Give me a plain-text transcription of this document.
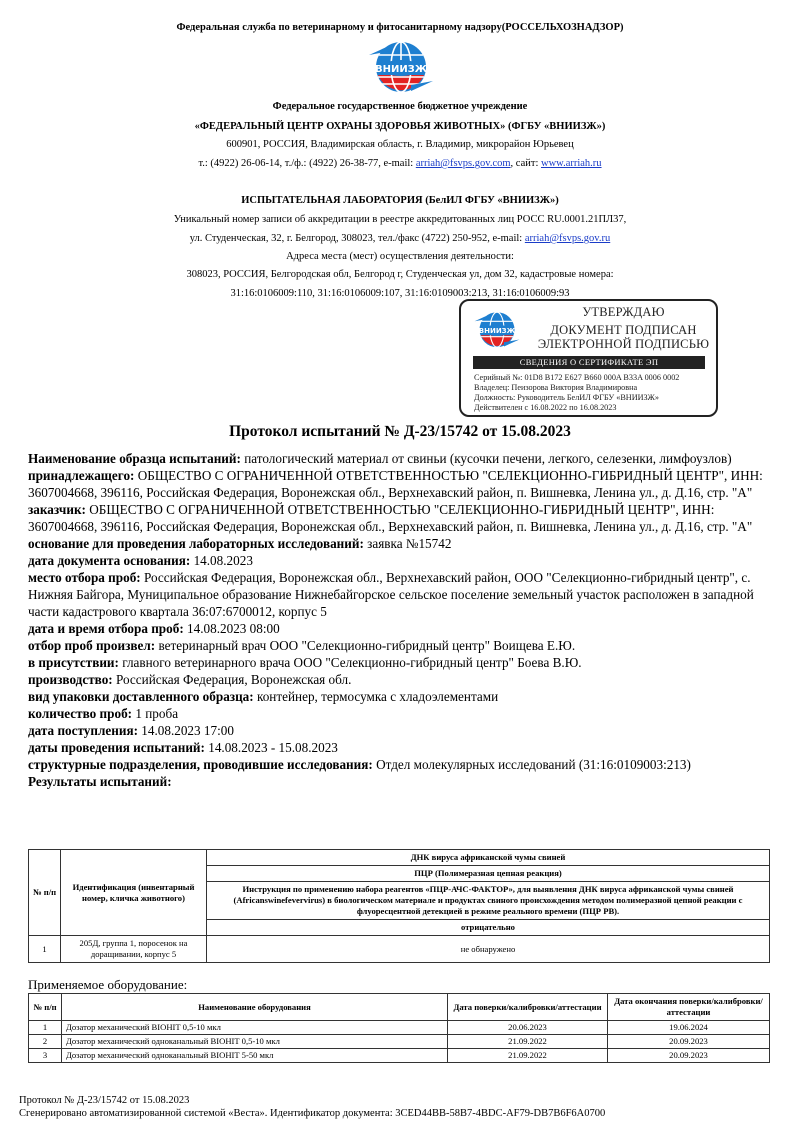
Федеральная служба по ветеринарному и фитосанитарному надзору(РОССЕЛЬХОЗНАДЗОР)
ВНИИЗЖ
Федеральное государственное бюджетное учреждение
«ФЕДЕРАЛЬНЫЙ ЦЕНТР ОХРАНЫ ЗДОРОВЬЯ ЖИВОТНЫХ» (ФГБУ «ВНИИЗЖ»)
600901, РОССИЯ, Владимирская область, г. Владимир, микрорайон Юрьевец
т.: (4922) 26-06-14, т./ф.: (4922) 26-38-77, e-mail: arriah@fsvps.gov.com, сайт: www.arriah.ru
ИСПЫТАТЕЛЬНАЯ ЛАБОРАТОРИЯ (БелИЛ ФГБУ «ВНИИЗЖ»)
Уникальный номер записи об аккредитации в реестре аккредитованных лиц РОСС RU.0001.21ПЛ37,
ул. Студенческая, 32, г. Белгород, 308023, тел./факс (4722) 250-952, e-mail: arriah@fsvps.gov.ru
Адреса места (мест) осуществления деятельности:
308023, РОССИЯ, Белгородская обл, Белгород г, Студенческая ул, дом 32, кадастровые номера:
31:16:0106009:110, 31:16:0106009:107, 31:16:0109003:213, 31:16:0106009:93
ВНИИЗЖ
УТВЕРЖДАЮ
ДОКУМЕНТ ПОДПИСАН
ЭЛЕКТРОННОЙ ПОДПИСЬЮ
СВЕДЕНИЯ О СЕРТИФИКАТЕ ЭП
Серийный №: 01D8 B172 E627 B660 000A B33A 0006 0002
Владелец: Пеизорова Виктория Владимировна
Должность: Руководитель БелИЛ ФГБУ «ВНИИЗЖ»
Действителен с 16.08.2022 по 16.08.2023
Протокол испытаний № Д-23/15742 от 15.08.2023

Наименование образца испытаний: патологический материал от свиньи (кусочки печени, легкого, селезенки, лимфоузлов)

принадлежащего: ОБЩЕСТВО С ОГРАНИЧЕННОЙ ОТВЕТСТВЕННОСТЬЮ "СЕЛЕКЦИОННО-ГИБРИДНЫЙ ЦЕНТР", ИНН: 3607004668, 396116, Российская Федерация, Воронежская обл., Верхнехавский район, п. Вишневка, Ленина ул., д. Д.16, стр. "А"

заказчик: ОБЩЕСТВО С ОГРАНИЧЕННОЙ ОТВЕТСТВЕННОСТЬЮ "СЕЛЕКЦИОННО-ГИБРИДНЫЙ ЦЕНТР", ИНН: 3607004668, 396116, Российская Федерация, Воронежская обл., Верхнехавский район, п. Вишневка, Ленина ул., д. Д.16, стр. "А"

основание для проведения лабораторных исследований: заявка №15742

дата документа основания: 14.08.2023

место отбора проб: Российская Федерация, Воронежская обл., Верхнехавский район, ООО "Селекционно-гибридный центр", с. Нижняя Байгора, Муниципальное образование Нижнебайгорское сельское поселение земельный участок расположен в западной части кадастрового квартала 36:07:6700012, корпус 5

дата и время отбора проб: 14.08.2023 08:00

отбор проб произвел: ветеринарный врач ООО "Селекционно-гибридный центр" Воищева Е.Ю.

в присутствии: главного ветеринарного врача ООО "Селекционно-гибридный центр" Боева В.Ю.

производство: Российская Федерация, Воронежская обл.

вид упаковки доставленного образца: контейнер, термосумка с хладоэлементами

количество проб: 1 проба

дата поступления: 14.08.2023 17:00

даты проведения испытаний: 14.08.2023 - 15.08.2023

структурные подразделения, проводившие исследования: Отдел молекулярных исследований (31:16:0109003:213)

Результаты испытаний:

№ п/п	Идентификация (инвентарный номер, кличка животного)	ДНК вируса африканской чумы свиней
		ПЦР (Полимеразная цепная реакция)
		Инструкция по применению набора реагентов «ПЦР-АЧС-ФАКТОР», для выявления ДНК вируса африканской чумы свиней (Africanswinefevervirus) в биологическом материале и продуктах свиного происхождения методом полимеразной цепной реакции с флуоресцентной детекцией в режиме реального времени (ПЦР РВ).
		отрицательно
1	205Д, группа 1, поросенок на доращивании, корпус 5	не обнаружено
Применяемое оборудование:
№ п/п	Наименование оборудования	Дата поверки/калибровки/аттестации	Дата окончания поверки/калибровки/аттестации
1	Дозатор механический BIOHIT 0,5-10 мкл	20.06.2023	19.06.2024
2	Дозатор механический одноканальный BIOHIT 0,5-10 мкл	21.09.2022	20.09.2023
3	Дозатор механический одноканальный BIOHIT 5-50 мкл	21.09.2022	20.09.2023
Протокол № Д-23/15742 от 15.08.2023
Сгенерировано автоматизированной системой «Веста». Идентификатор документа: 3CED44BB-58B7-4BDC-AF79-DB7B6F6A0700
